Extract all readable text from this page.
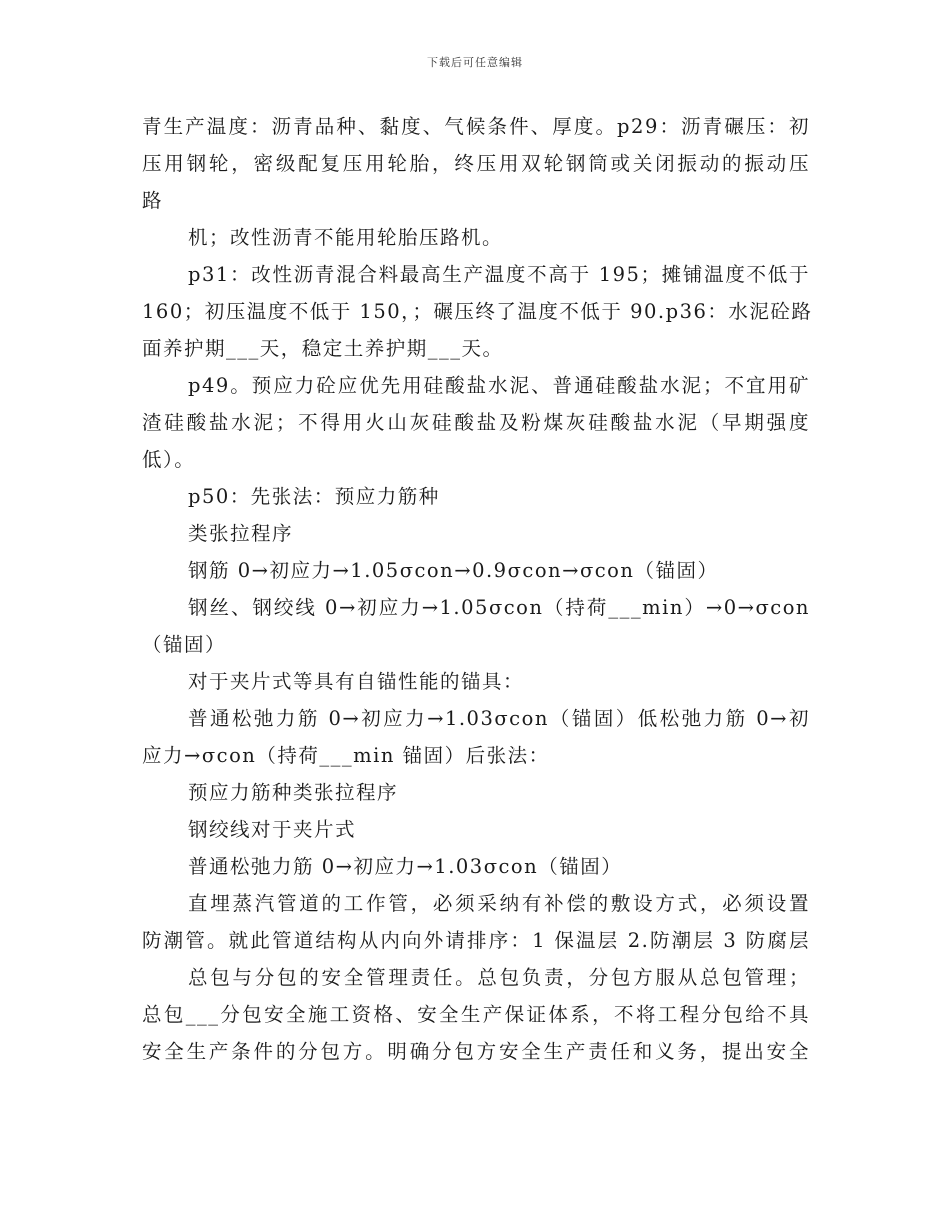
下载后可任意编辑
青生产温度：沥青品种、黏度、气候条件、厚度。p29：沥青碾压：初
压用钢轮，密级配复压用轮胎，终压用双轮钢筒或关闭振动的振动压
路
机；改性沥青不能用轮胎压路机。
p31：改性沥青混合料最高生产温度不高于 195；摊铺温度不低于
160；初压温度不低于 150，；碾压终了温度不低于 90.p36：水泥砼路
面养护期___天，稳定土养护期___天。
p49。预应力砼应优先用硅酸盐水泥、普通硅酸盐水泥；不宜用矿
渣硅酸盐水泥；不得用火山灰硅酸盐及粉煤灰硅酸盐水泥（早期强度
低）。
p50：先张法：预应力筋种
类张拉程序
钢筋 0→初应力→1.05σcon→0.9σcon→σcon（锚固）
钢丝、钢绞线 0→初应力→1.05σcon（持荷___min）→0→σcon
（锚固）
对于夹片式等具有自锚性能的锚具：
普通松弛力筋 0→初应力→1.03σcon（锚固）低松弛力筋 0→初
应力→σcon（持荷___min 锚固）后张法：
预应力筋种类张拉程序
钢绞线对于夹片式
普通松弛力筋 0→初应力→1.03σcon（锚固）
直埋蒸汽管道的工作管，必须采纳有补偿的敷设方式，必须设置
防潮管。就此管道结构从内向外请排序：1 保温层 2.防潮层 3 防腐层
总包与分包的安全管理责任。总包负责，分包方服从总包管理；
总包___分包安全施工资格、安全生产保证体系，不将工程分包给不具
安全生产条件的分包方。明确分包方安全生产责任和义务，提出安全
